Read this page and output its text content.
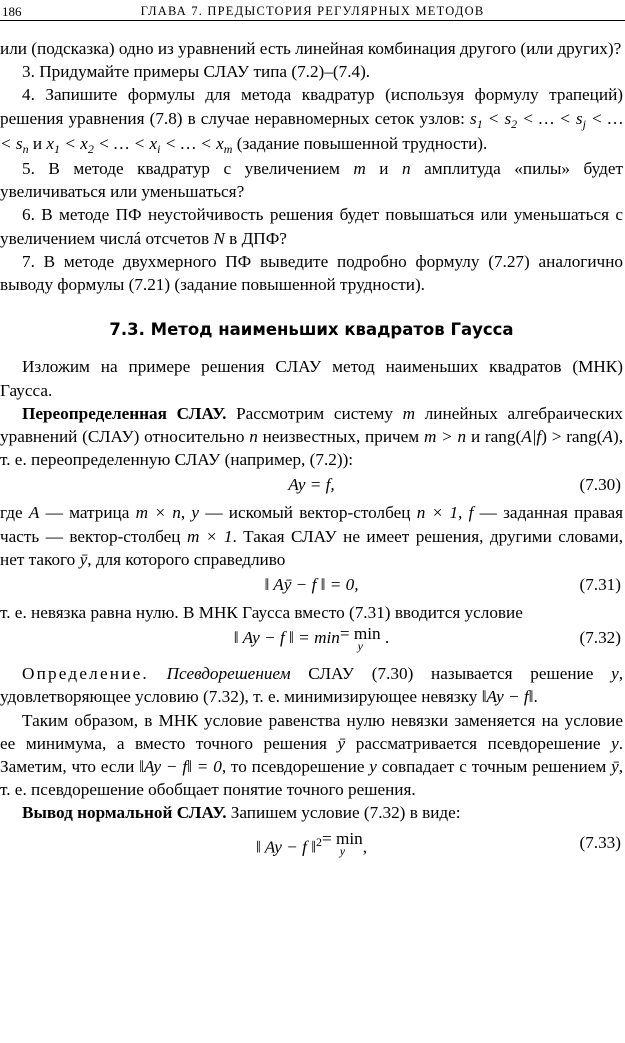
186	ГЛАВА 7. ПРЕДЫСТОРИЯ РЕГУЛЯРНЫХ МЕТОДОВ

или (подсказка) одно из уравнений есть линейная комбинация другого (или других)?

3. Придумайте примеры СЛАУ типа (7.2)–(7.4).

4. Запишите формулы для метода квадратур (используя формулу трапеций) решения уравнения (7.8) в случае неравномерных сеток узлов: $s_1 < s_2$ < … < $s_j$ < … < $s_n$ и $x_1 < x_2$ < … < $x_i$ < … < $x_m$ (задание повышенной трудности).

5. В методе квадратур с увеличением m и n амплитуда «пилы» будет увеличиваться или уменьшаться?

6. В методе ПФ неустойчивость решения будет повышаться или уменьшаться с увеличением числá отсчетов N в ДПФ?

7. В методе двухмерного ПФ выведите подробно формулу (7.27) аналогично выводу формулы (7.21) (задание повышенной трудности).

7.3. Метод наименьших квадратов Гаусса

Изложим на примере решения СЛАУ метод наименьших квадратов (МНК) Гаусса.

Переопределенная СЛАУ. Рассмотрим систему m линейных алгебраических уравнений (СЛАУ) относительно n неизвестных, причем m > n и rang(A|f) > rang(A), т. е. переопределенную СЛАУ (например, (7.2)):

Ay = f,	(7.30)

где A — матрица m × n, y — искомый вектор-столбец n × 1, f — заданная правая часть — вектор-столбец m × 1. Такая СЛАУ не имеет решения, другими словами, нет такого ȳ, для которого справедливо

‖ Aȳ − f ‖ = 0,	(7.31)

т. е. невязка равна нулю. В МНК Гаусса вместо (7.31) вводится условие

‖ Ay − f ‖ = min= min
y	.	(7.32)

Определение. Псевдорешением СЛАУ (7.30) называется решение y, удовлетворяющее условию (7.32), т. е. минимизирующее невязку ‖Ay − f‖.

Таким образом, в МНК условие равенства нулю невязки заменяется на условие ее минимума, а вместо точного решения ȳ рассматривается псевдорешение y. Заметим, что если ‖Ay − f‖ = 0, то псевдорешение y совпадает с точным решением ȳ, т. е. псевдорешение обобщает понятие точного решения.

Вывод нормальной СЛАУ. Запишем условие (7.32) в виде:

‖ Ay − f ‖$^2$= min
y	,	(7.33)
